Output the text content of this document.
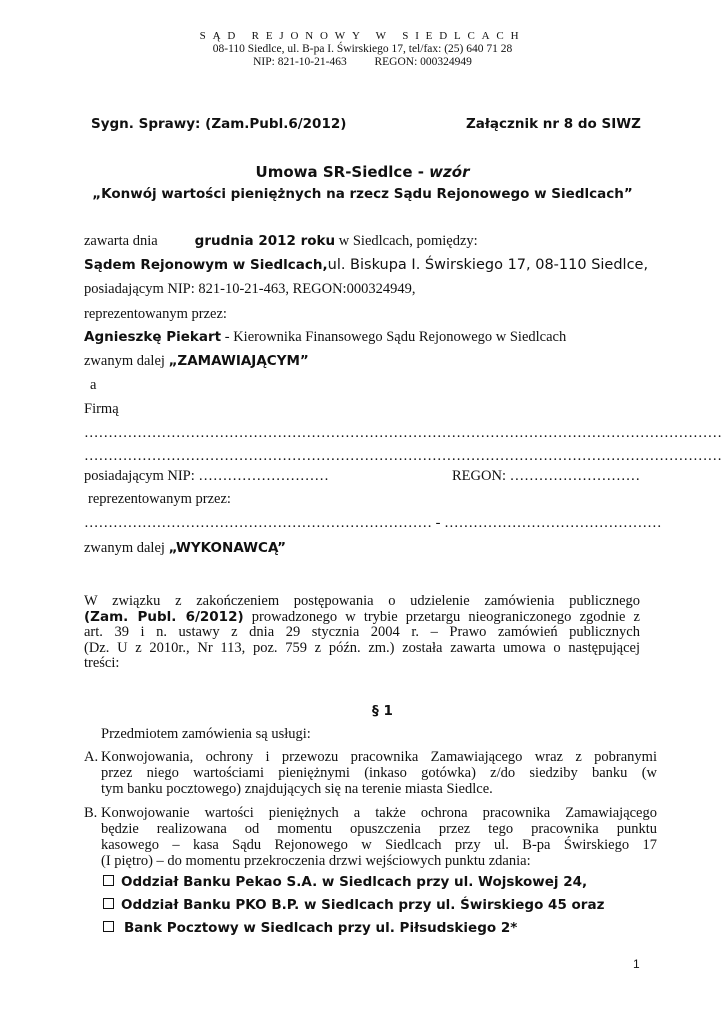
SĄD REJONOWY W SIEDLCACH
08-110 Siedlce, ul. B-pa I. Świrskiego 17, tel/fax: (25) 640 71 28
NIP: 821-10-21-463 REGON: 000324949
Sygn. Sprawy: (Zam.Publ.6/2012)	Załącznik nr 8 do SIWZ
Umowa SR-Siedlce - wzór
„Konwój wartości pieniężnych na rzecz Sądu Rejonowego w Siedlcach”
zawarta dnia	grudnia 2012 roku w Siedlcach, pomiędzy:
Sądem Rejonowym w Siedlcach, ul. Biskupa I. Świrskiego 17, 08-110 Siedlce,
posiadającym NIP: 821-10-21-463, REGON:000324949,
reprezentowanym przez:
Agnieszkę Piekart - Kierownika Finansowego Sądu Rejonowego w Siedlcach
zwanym dalej „ZAMAWIAJĄCYM”
a
Firmą
……………………………………………………………………………………………………………………
……………………………………………………………………………………………………………………
posiadającym NIP: ………………………	REGON: ………………………
reprezentowanym przez:
……………………………………………………………… - ………………………………………
zwanym dalej „WYKONAWCĄ”
W związku z zakończeniem postępowania o udzielenie zamówienia publicznego
(Zam. Publ. 6/2012) prowadzonego w trybie przetargu nieograniczonego zgodnie z
art. 39 i n. ustawy z dnia 29 stycznia 2004 r. – Prawo zamówień publicznych
(Dz. U z 2010r., Nr 113, poz. 759 z późn. zm.) została zawarta umowa o następującej
treści:
§ 1
Przedmiotem zamówienia są usługi:
A. Konwojowania, ochrony i przewozu pracownika Zamawiającego wraz z pobranymi
przez niego wartościami pieniężnymi (inkaso gotówka) z/do siedziby banku (w
tym banku pocztowego) znajdujących się na terenie miasta Siedlce.
B. Konwojowanie wartości pieniężnych a także ochrona pracownika Zamawiającego
będzie realizowana od momentu opuszczenia przez tego pracownika punktu
kasowego – kasa Sądu Rejonowego w Siedlcach przy ul. B-pa Świrskiego 17
(I piętro) – do momentu przekroczenia drzwi wejściowych punktu zdania:
Oddział Banku Pekao S.A. w Siedlcach przy ul. Wojskowej 24,
Oddział Banku PKO B.P. w Siedlcach przy ul. Świrskiego 45 oraz
Bank Pocztowy w Siedlcach przy ul. Piłsudskiego 2*
1
